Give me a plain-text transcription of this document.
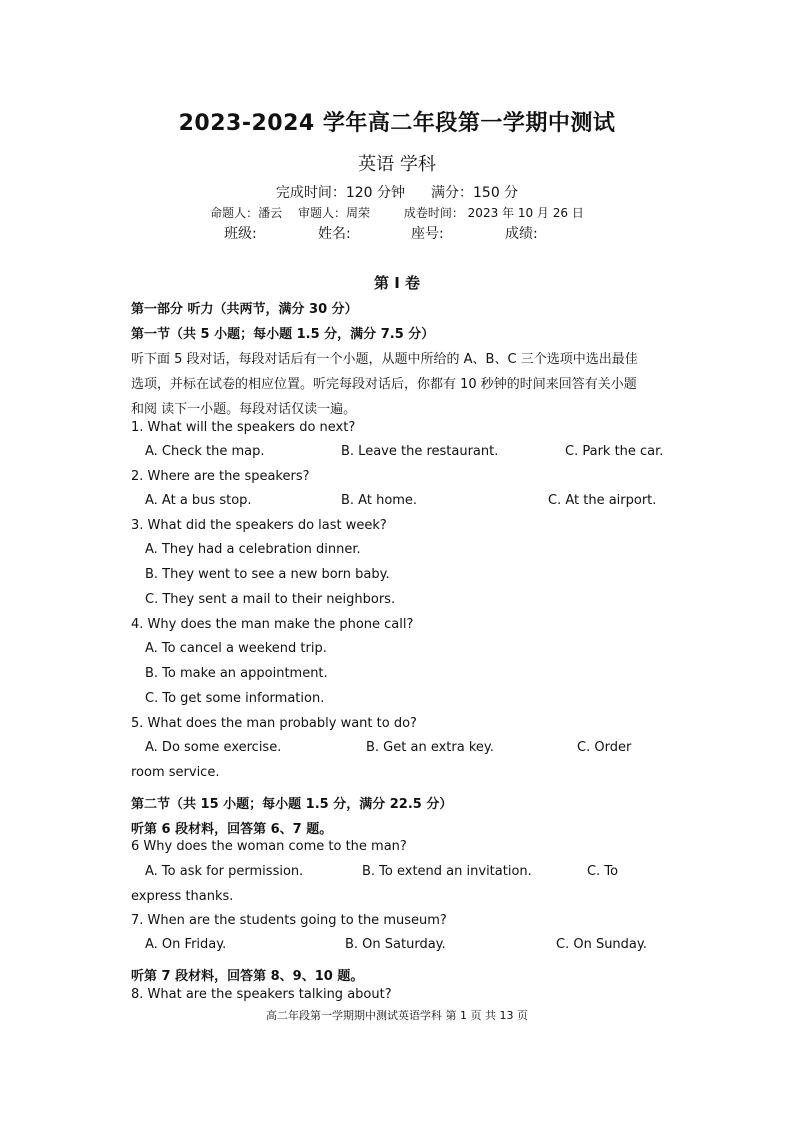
2023-2024 学年高二年段第一学期中测试
英语 学科
完成时间：120 分钟 满分：150 分
命题人：潘云 审题人：周荣	成卷时间： 2023 年 10 月 26 日
班级:	姓名:	座号:	成绩:
第 Ⅰ 卷
第一部分 听力（共两节，满分 30 分）
第一节（共 5 小题；每小题 1.5 分，满分 7.5 分）
听下面 5 段对话，每段对话后有一个小题，从题中所给的 A、B、C 三个选项中选出最佳
选项，并标在试卷的相应位置。听完每段对话后，你都有 10 秒钟的时间来回答有关小题
和阅 读下一小题。每段对话仅读一遍。
1. What will the speakers do next?
A. Check the map.	B. Leave the restaurant.	C. Park the car.
2. Where are the speakers?
A. At a bus stop.	B. At home.	C. At the airport.
3. What did the speakers do last week?
A. They had a celebration dinner.
B. They went to see a new born baby.
C. They sent a mail to their neighbors.
4. Why does the man make the phone call?
A. To cancel a weekend trip.
B. To make an appointment.
C. To get some information.
5. What does the man probably want to do?
A. Do some exercise.	B. Get an extra key.	C. Order
room service.
第二节（共 15 小题；每小题 1.5 分，满分 22.5 分）
听第 6 段材料，回答第 6、7 题。
6 Why does the woman come to the man?
A. To ask for permission.	B. To extend an invitation.	C. To
express thanks.
7. When are the students going to the museum?
A. On Friday.	B. On Saturday.	C. On Sunday.
听第 7 段材料，回答第 8、9、10 题。
8. What are the speakers talking about?
高二年段第一学期期中测试英语学科 第 1 页 共 13 页
